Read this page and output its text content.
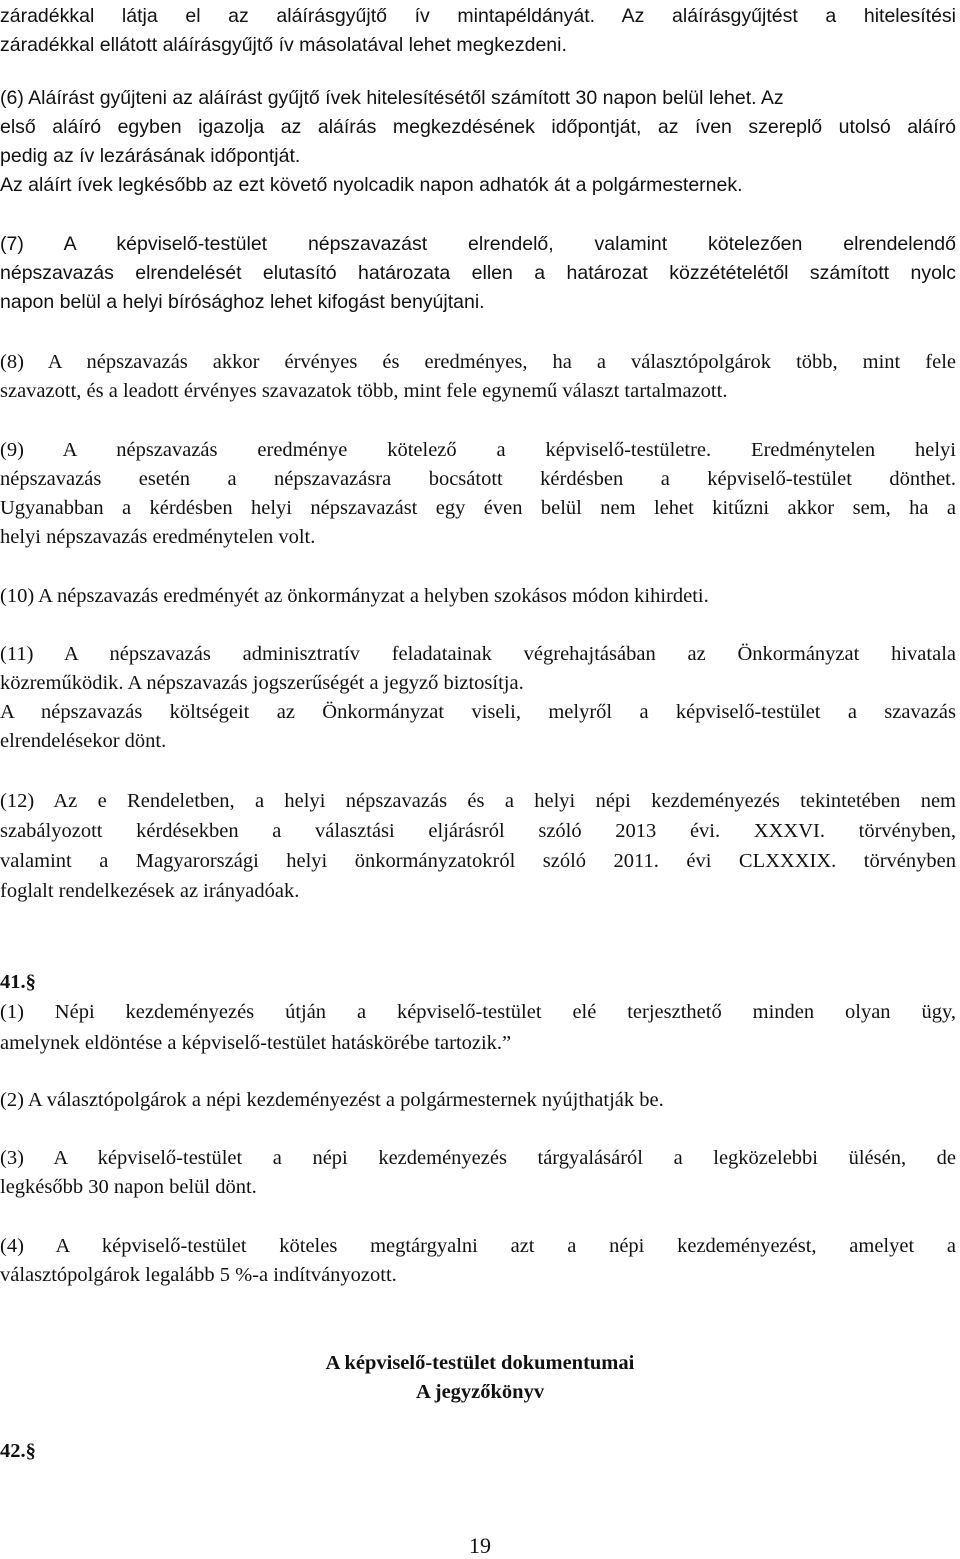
záradékkal látja el az aláírásgyűjtő ív mintapéldányát. Az aláírásgyűjtést a hitelesítési
záradékkal ellátott aláírásgyűjtő ív másolatával lehet megkezdeni.

(6) Aláírást gyűjteni az aláírást gyűjtő ívek hitelesítésétől számított 30 napon belül lehet. Az
első aláíró egyben igazolja az aláírás megkezdésének időpontját, az íven szereplő utolsó aláíró
pedig az ív lezárásának időpontját.
Az aláírt ívek legkésőbb az ezt követő nyolcadik napon adhatók át a polgármesternek.

(7) A képviselő-testület népszavazást elrendelő, valamint kötelezően elrendelendő
népszavazás elrendelését elutasító határozata ellen a határozat közzétételétől számított nyolc
napon belül a helyi bírósághoz lehet kifogást benyújtani.

(8) A népszavazás akkor érvényes és eredményes, ha a választópolgárok több, mint fele
szavazott, és a leadott érvényes szavazatok több, mint fele egynemű választ tartalmazott.

(9) A népszavazás eredménye kötelező a képviselő-testületre. Eredménytelen helyi
népszavazás esetén a népszavazásra bocsátott kérdésben a képviselő-testület dönthet.
Ugyanabban a kérdésben helyi népszavazást egy éven belül nem lehet kitűzni akkor sem, ha a
helyi népszavazás eredménytelen volt.

(10) A népszavazás eredményét az önkormányzat a helyben szokásos módon kihirdeti.

(11) A népszavazás adminisztratív feladatainak végrehajtásában az Önkormányzat hivatala
közreműködik. A népszavazás jogszerűségét a jegyző biztosítja.
A népszavazás költségeit az Önkormányzat viseli, melyről a képviselő-testület a szavazás
elrendelésekor dönt.

(12) Az e Rendeletben, a helyi népszavazás és a helyi népi kezdeményezés tekintetében nem
szabályozott kérdésekben a választási eljárásról szóló 2013 évi. XXXVI. törvényben,
valamint a Magyarországi helyi önkormányzatokról szóló 2011. évi CLXXXIX. törvényben
foglalt rendelkezések az irányadóak.

41.§

(1) Népi kezdeményezés útján a képviselő-testület elé terjeszthető minden olyan ügy,
amelynek eldöntése a képviselő-testület hatáskörébe tartozik.”

(2) A választópolgárok a népi kezdeményezést a polgármesternek nyújthatják be.

(3) A képviselő-testület a népi kezdeményezés tárgyalásáról a legközelebbi ülésén, de
legkésőbb 30 napon belül dönt.

(4) A képviselő-testület köteles megtárgyalni azt a népi kezdeményezést, amelyet a
választópolgárok legalább 5 %-a indítványozott.

A képviselő-testület dokumentumai
A jegyzőkönyv
42.§
19
